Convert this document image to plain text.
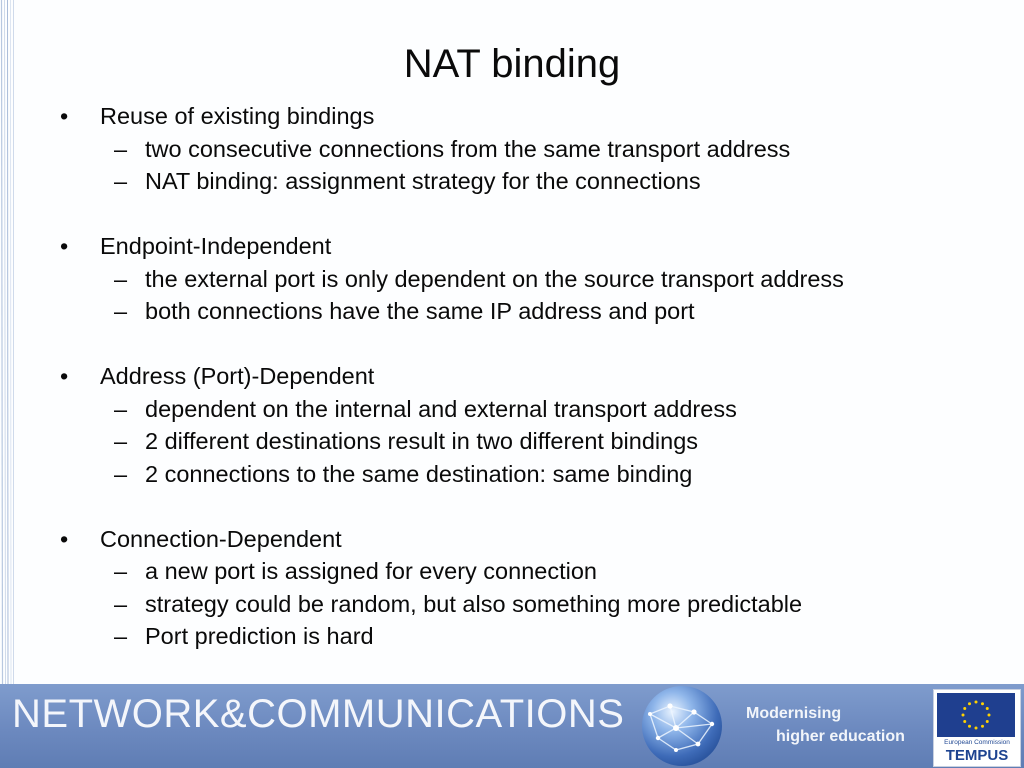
NAT binding
• Reuse of existing bindings
– two consecutive connections from the same transport address
– NAT binding: assignment strategy for the connections
• Endpoint-Independent
– the external port is only dependent on the source transport address
– both connections have the same IP address and port
• Address (Port)-Dependent
– dependent on the internal and external transport address
– 2 different destinations result in two different bindings
– 2 connections to the same destination: same binding
• Connection-Dependent
– a new port is assigned for every connection
– strategy could be random, but also something more predictable
– Port prediction is hard
NETWORK&COMMUNICATIONS	Modernising
higher education	European Commission
TEMPUS
